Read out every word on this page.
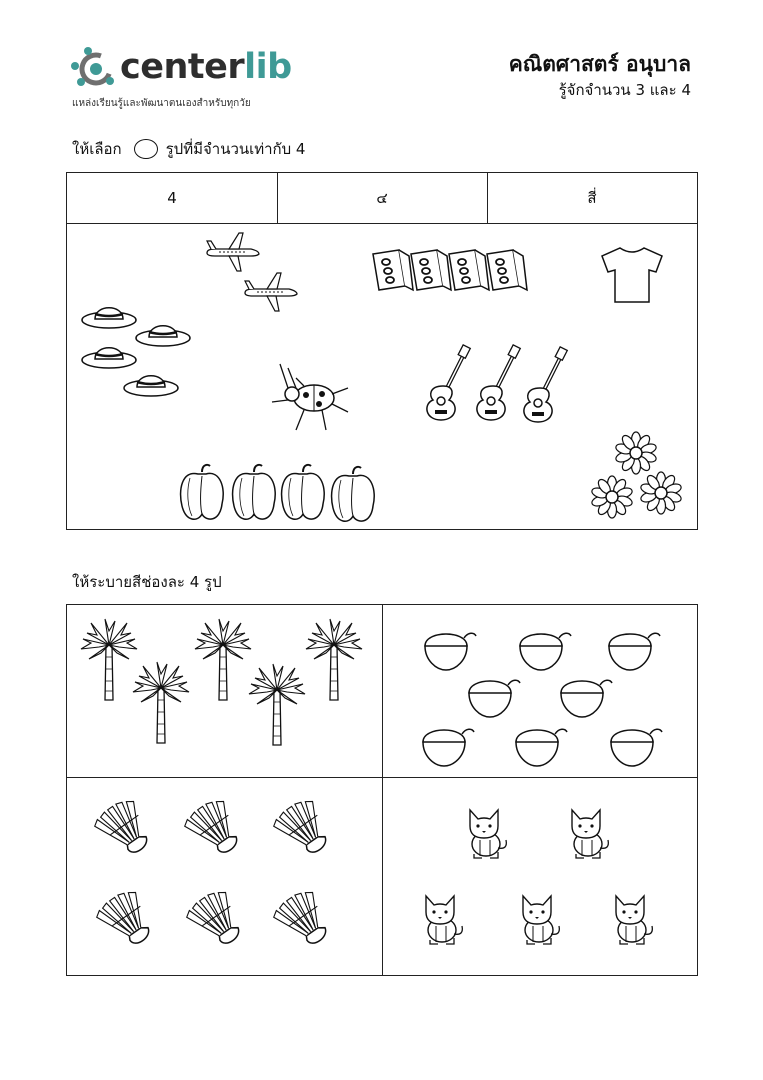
centerlib
แหล่งเรียนรู้และพัฒนาตนเองสำหรับทุกวัย
คณิตศาสตร์ อนุบาล
รู้จักจำนวน 3 และ 4
ให้เลือก	รูปที่มีจำนวนเท่ากับ 4
4	๔	สี่
ให้ระบายสีช่องละ 4 รูป
